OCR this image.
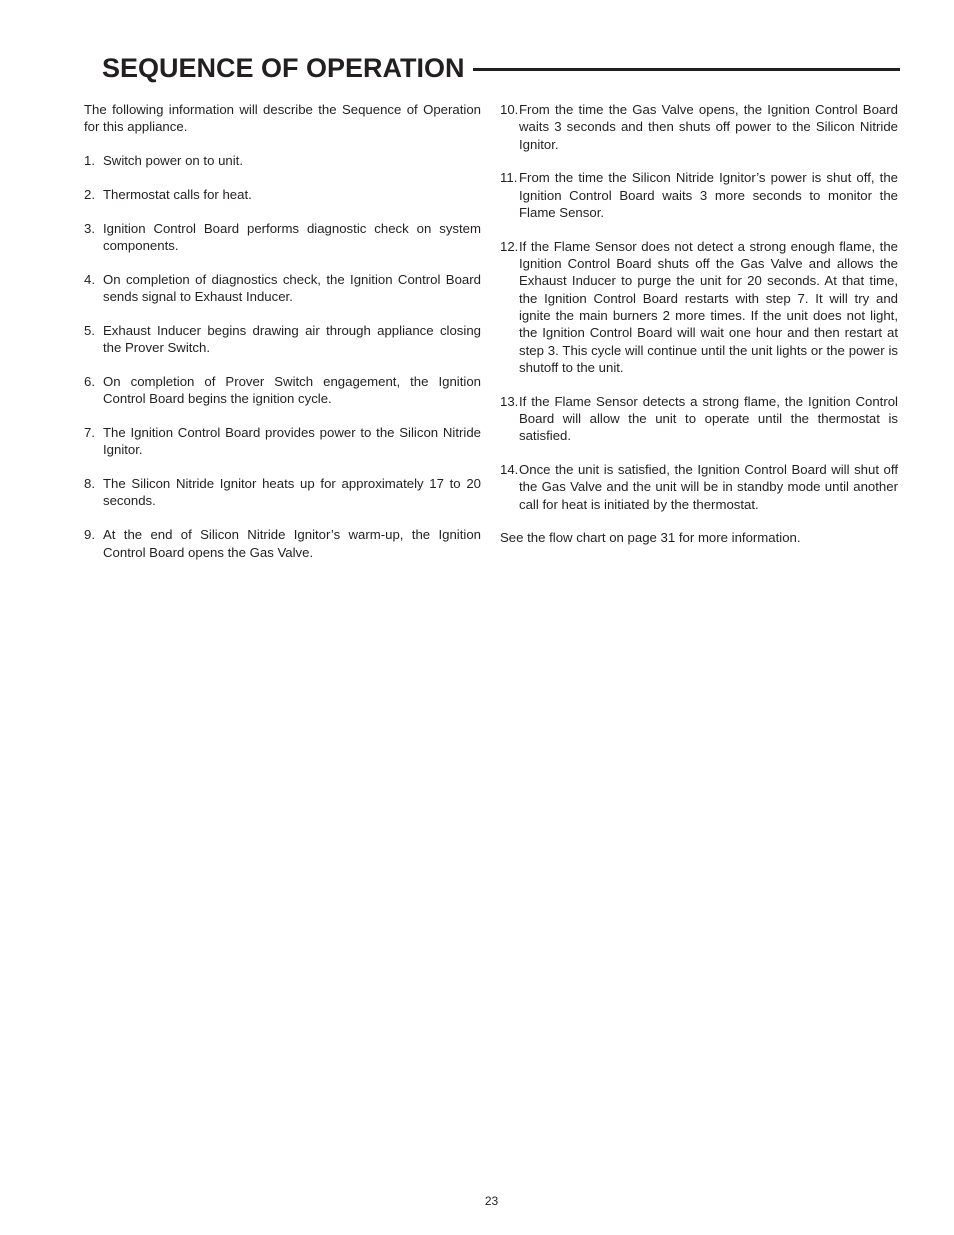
SEQUENCE OF OPERATION

The following information will describe the Sequence of Operation for this appliance.

1. Switch power on to unit.
2. Thermostat calls for heat.
3. Ignition Control Board performs diagnostic check on system components.
4. On completion of diagnostics check, the Ignition Control Board sends signal to Exhaust Inducer.
5. Exhaust Inducer begins drawing air through appliance closing the Prover Switch.
6. On completion of Prover Switch engagement, the Ignition Control Board begins the ignition cycle.
7. The Ignition Control Board provides power to the Silicon Nitride Ignitor.
8. The Silicon Nitride Ignitor heats up for approximately 17 to 20 seconds.
9. At the end of Silicon Nitride Ignitor’s warm-up, the Ignition Control Board opens the Gas Valve.
10. From the time the Gas Valve opens, the Ignition Control Board waits 3 seconds and then shuts off power to the Silicon Nitride Ignitor.
11. From the time the Silicon Nitride Ignitor’s power is shut off, the Ignition Control Board waits 3 more seconds to monitor the Flame Sensor.
12. If the Flame Sensor does not detect a strong enough flame, the Ignition Control Board shuts off the Gas Valve and allows the Exhaust Inducer to purge the unit for 20 seconds. At that time, the Ignition Control Board restarts with step 7. It will try and ignite the main burners 2 more times. If the unit does not light, the Ignition Control Board will wait one hour and then restart at step 3. This cycle will continue until the unit lights or the power is shutoff to the unit.
13. If the Flame Sensor detects a strong flame, the Ignition Control Board will allow the unit to operate until the thermostat is satisfied.
14. Once the unit is satisfied, the Ignition Control Board will shut off the Gas Valve and the unit will be in standby mode until another call for heat is initiated by the thermostat.

See the flow chart on page 31 for more information.

23
